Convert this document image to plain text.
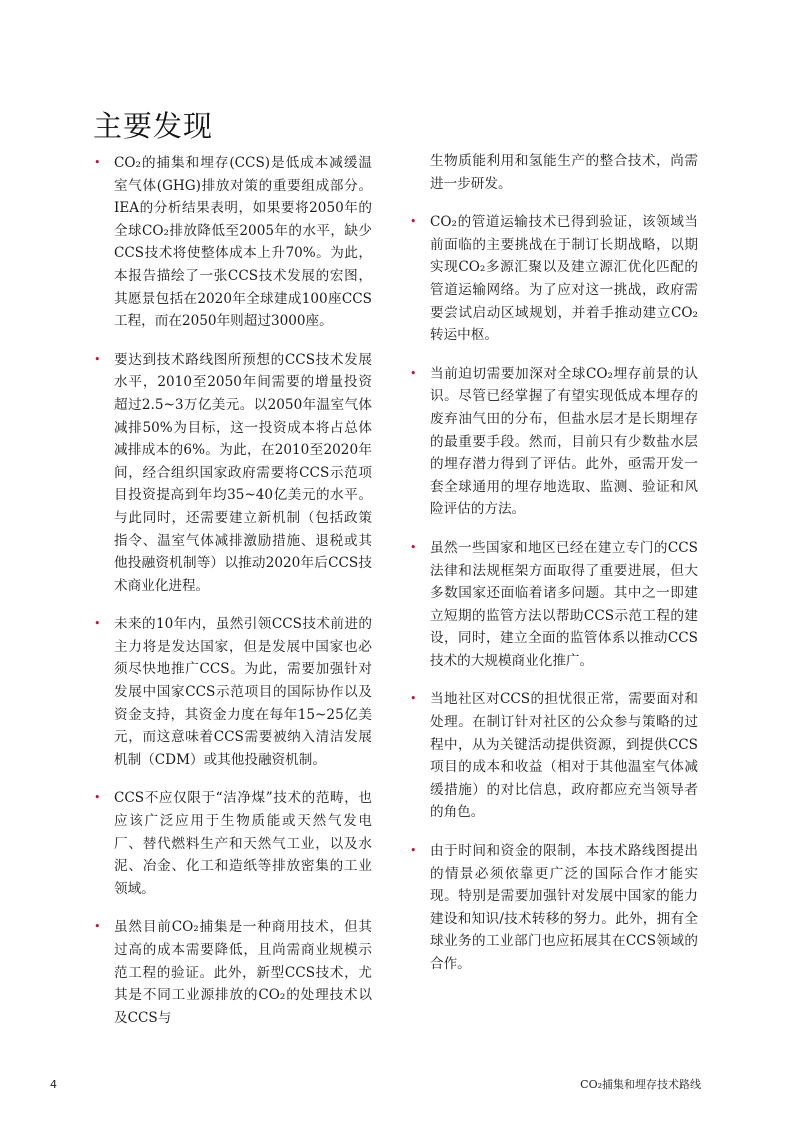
主要发现

• CO₂的捕集和埋存(CCS)是低成本减缓温室气体(GHG)排放对策的重要组成部分。IEA的分析结果表明，如果要将2050年的全球CO₂排放降低至2005年的水平，缺少CCS技术将使整体成本上升70%。为此，本报告描绘了一张CCS技术发展的宏图，其愿景包括在2020年全球建成100座CCS工程，而在2050年则超过3000座。

• 要达到技术路线图所预想的CCS技术发展水平，2010至2050年间需要的增量投资超过2.5~3万亿美元。以2050年温室气体减排50%为目标，这一投资成本将占总体减排成本的6%。为此，在2010至2020年间，经合组织国家政府需要将CCS示范项目投资提高到年均35~40亿美元的水平。与此同时，还需要建立新机制（包括政策指令、温室气体减排激励措施、退税或其他投融资机制等）以推动2020年后CCS技术商业化进程。

• 未来的10年内，虽然引领CCS技术前进的主力将是发达国家，但是发展中国家也必须尽快地推广CCS。为此，需要加强针对发展中国家CCS示范项目的国际协作以及资金支持，其资金力度在每年15~25亿美元，而这意味着CCS需要被纳入清洁发展机制（CDM）或其他投融资机制。

• CCS不应仅限于“洁净煤”技术的范畴，也应该广泛应用于生物质能或天然气发电厂、替代燃料生产和天然气工业，以及水泥、冶金、化工和造纸等排放密集的工业领域。

• 虽然目前CO₂捕集是一种商用技术，但其过高的成本需要降低，且尚需商业规模示范工程的验证。此外，新型CCS技术，尤其是不同工业源排放的CO₂的处理技术以及CCS与

生物质能利用和氢能生产的整合技术，尚需进一步研发。

• CO₂的管道运输技术已得到验证，该领域当前面临的主要挑战在于制订长期战略，以期实现CO₂多源汇聚以及建立源汇优化匹配的管道运输网络。为了应对这一挑战，政府需要尝试启动区域规划，并着手推动建立CO₂转运中枢。

• 当前迫切需要加深对全球CO₂埋存前景的认识。尽管已经掌握了有望实现低成本埋存的废弃油气田的分布，但盐水层才是长期埋存的最重要手段。然而，目前只有少数盐水层的埋存潜力得到了评估。此外，亟需开发一套全球通用的埋存地选取、监测、验证和风险评估的方法。

• 虽然一些国家和地区已经在建立专门的CCS法律和法规框架方面取得了重要进展，但大多数国家还面临着诸多问题。其中之一即建立短期的监管方法以帮助CCS示范工程的建设，同时，建立全面的监管体系以推动CCS技术的大规模商业化推广。

• 当地社区对CCS的担忧很正常，需要面对和处理。在制订针对社区的公众参与策略的过程中，从为关键活动提供资源，到提供CCS项目的成本和收益（相对于其他温室气体减缓措施）的对比信息，政府都应充当领导者的角色。

• 由于时间和资金的限制，本技术路线图提出的情景必须依靠更广泛的国际合作才能实现。特别是需要加强针对发展中国家的能力建设和知识/技术转移的努力。此外，拥有全球业务的工业部门也应拓展其在CCS领域的合作。

4	CO₂捕集和埋存技术路线
